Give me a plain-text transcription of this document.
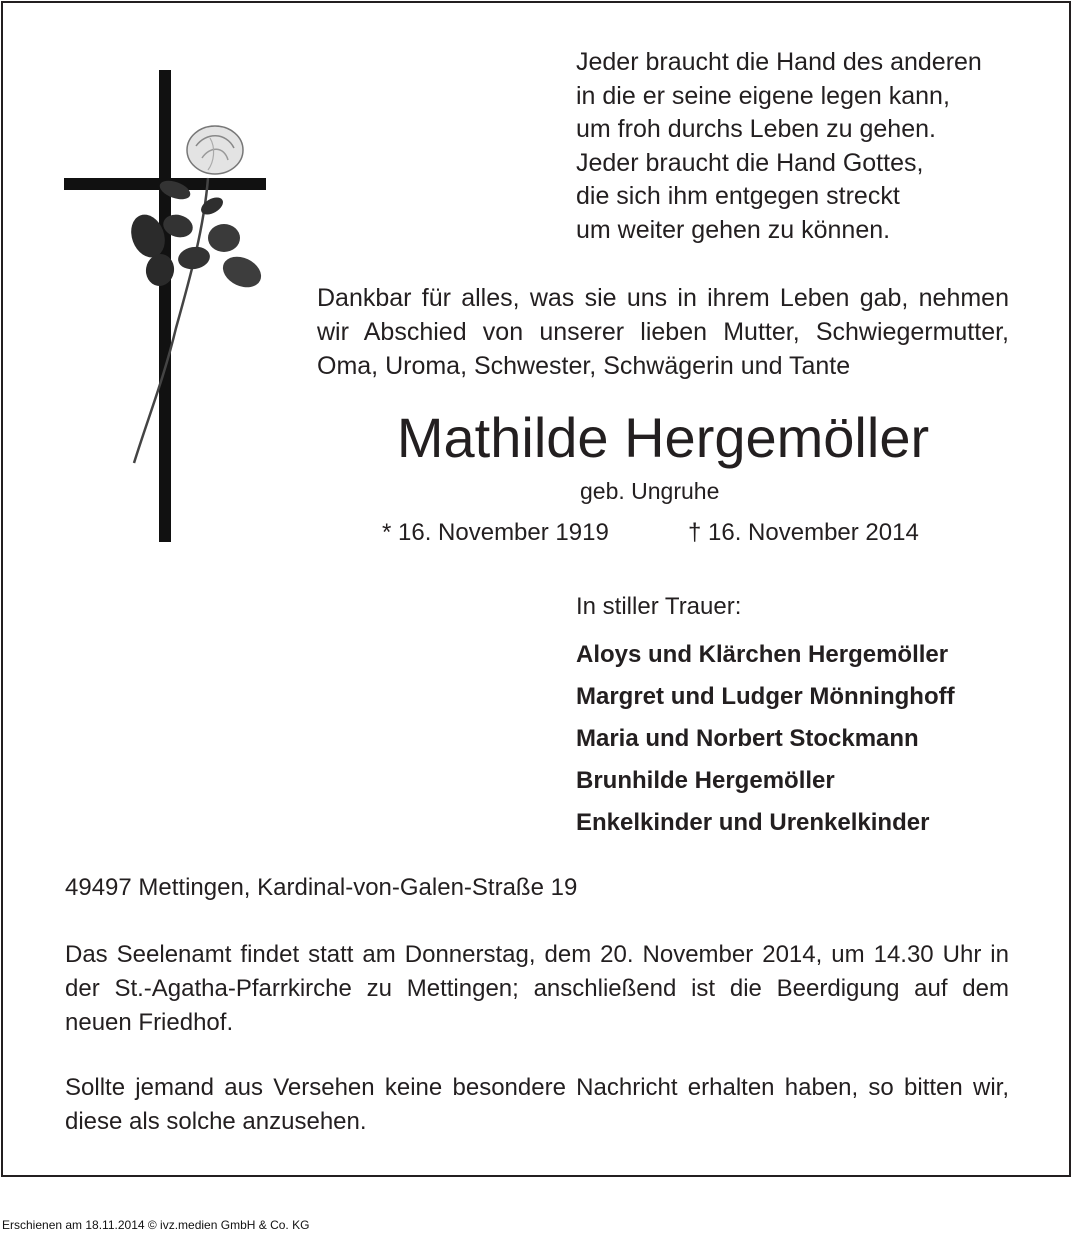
Jeder braucht die Hand des anderen
in die er seine eigene legen kann,
um froh durchs Leben zu gehen.
Jeder braucht die Hand Gottes,
die sich ihm entgegen streckt
um weiter gehen zu können.
Dankbar für alles, was sie uns in ihrem Leben gab, nehmen wir Abschied von unserer lieben Mutter, Schwiegermutter, Oma, Uroma, Schwester, Schwägerin und Tante
Mathilde Hergemöller
geb. Ungruhe
* 16. November 1919	† 16. November 2014
In stiller Trauer:
Aloys und Klärchen Hergemöller
Margret und Ludger Mönninghoff
Maria und Norbert Stockmann
Brunhilde Hergemöller
Enkelkinder und Urenkelkinder
49497 Mettingen, Kardinal-von-Galen-Straße 19
Das Seelenamt findet statt am Donnerstag, dem 20. November 2014, um 14.30 Uhr in der St.-Agatha-Pfarrkirche zu Mettingen; anschließend ist die Beerdigung auf dem neuen Friedhof.
Sollte jemand aus Versehen keine besondere Nachricht erhalten haben, so bitten wir, diese als solche anzusehen.
Erschienen am 18.11.2014 © ivz.medien GmbH & Co. KG
